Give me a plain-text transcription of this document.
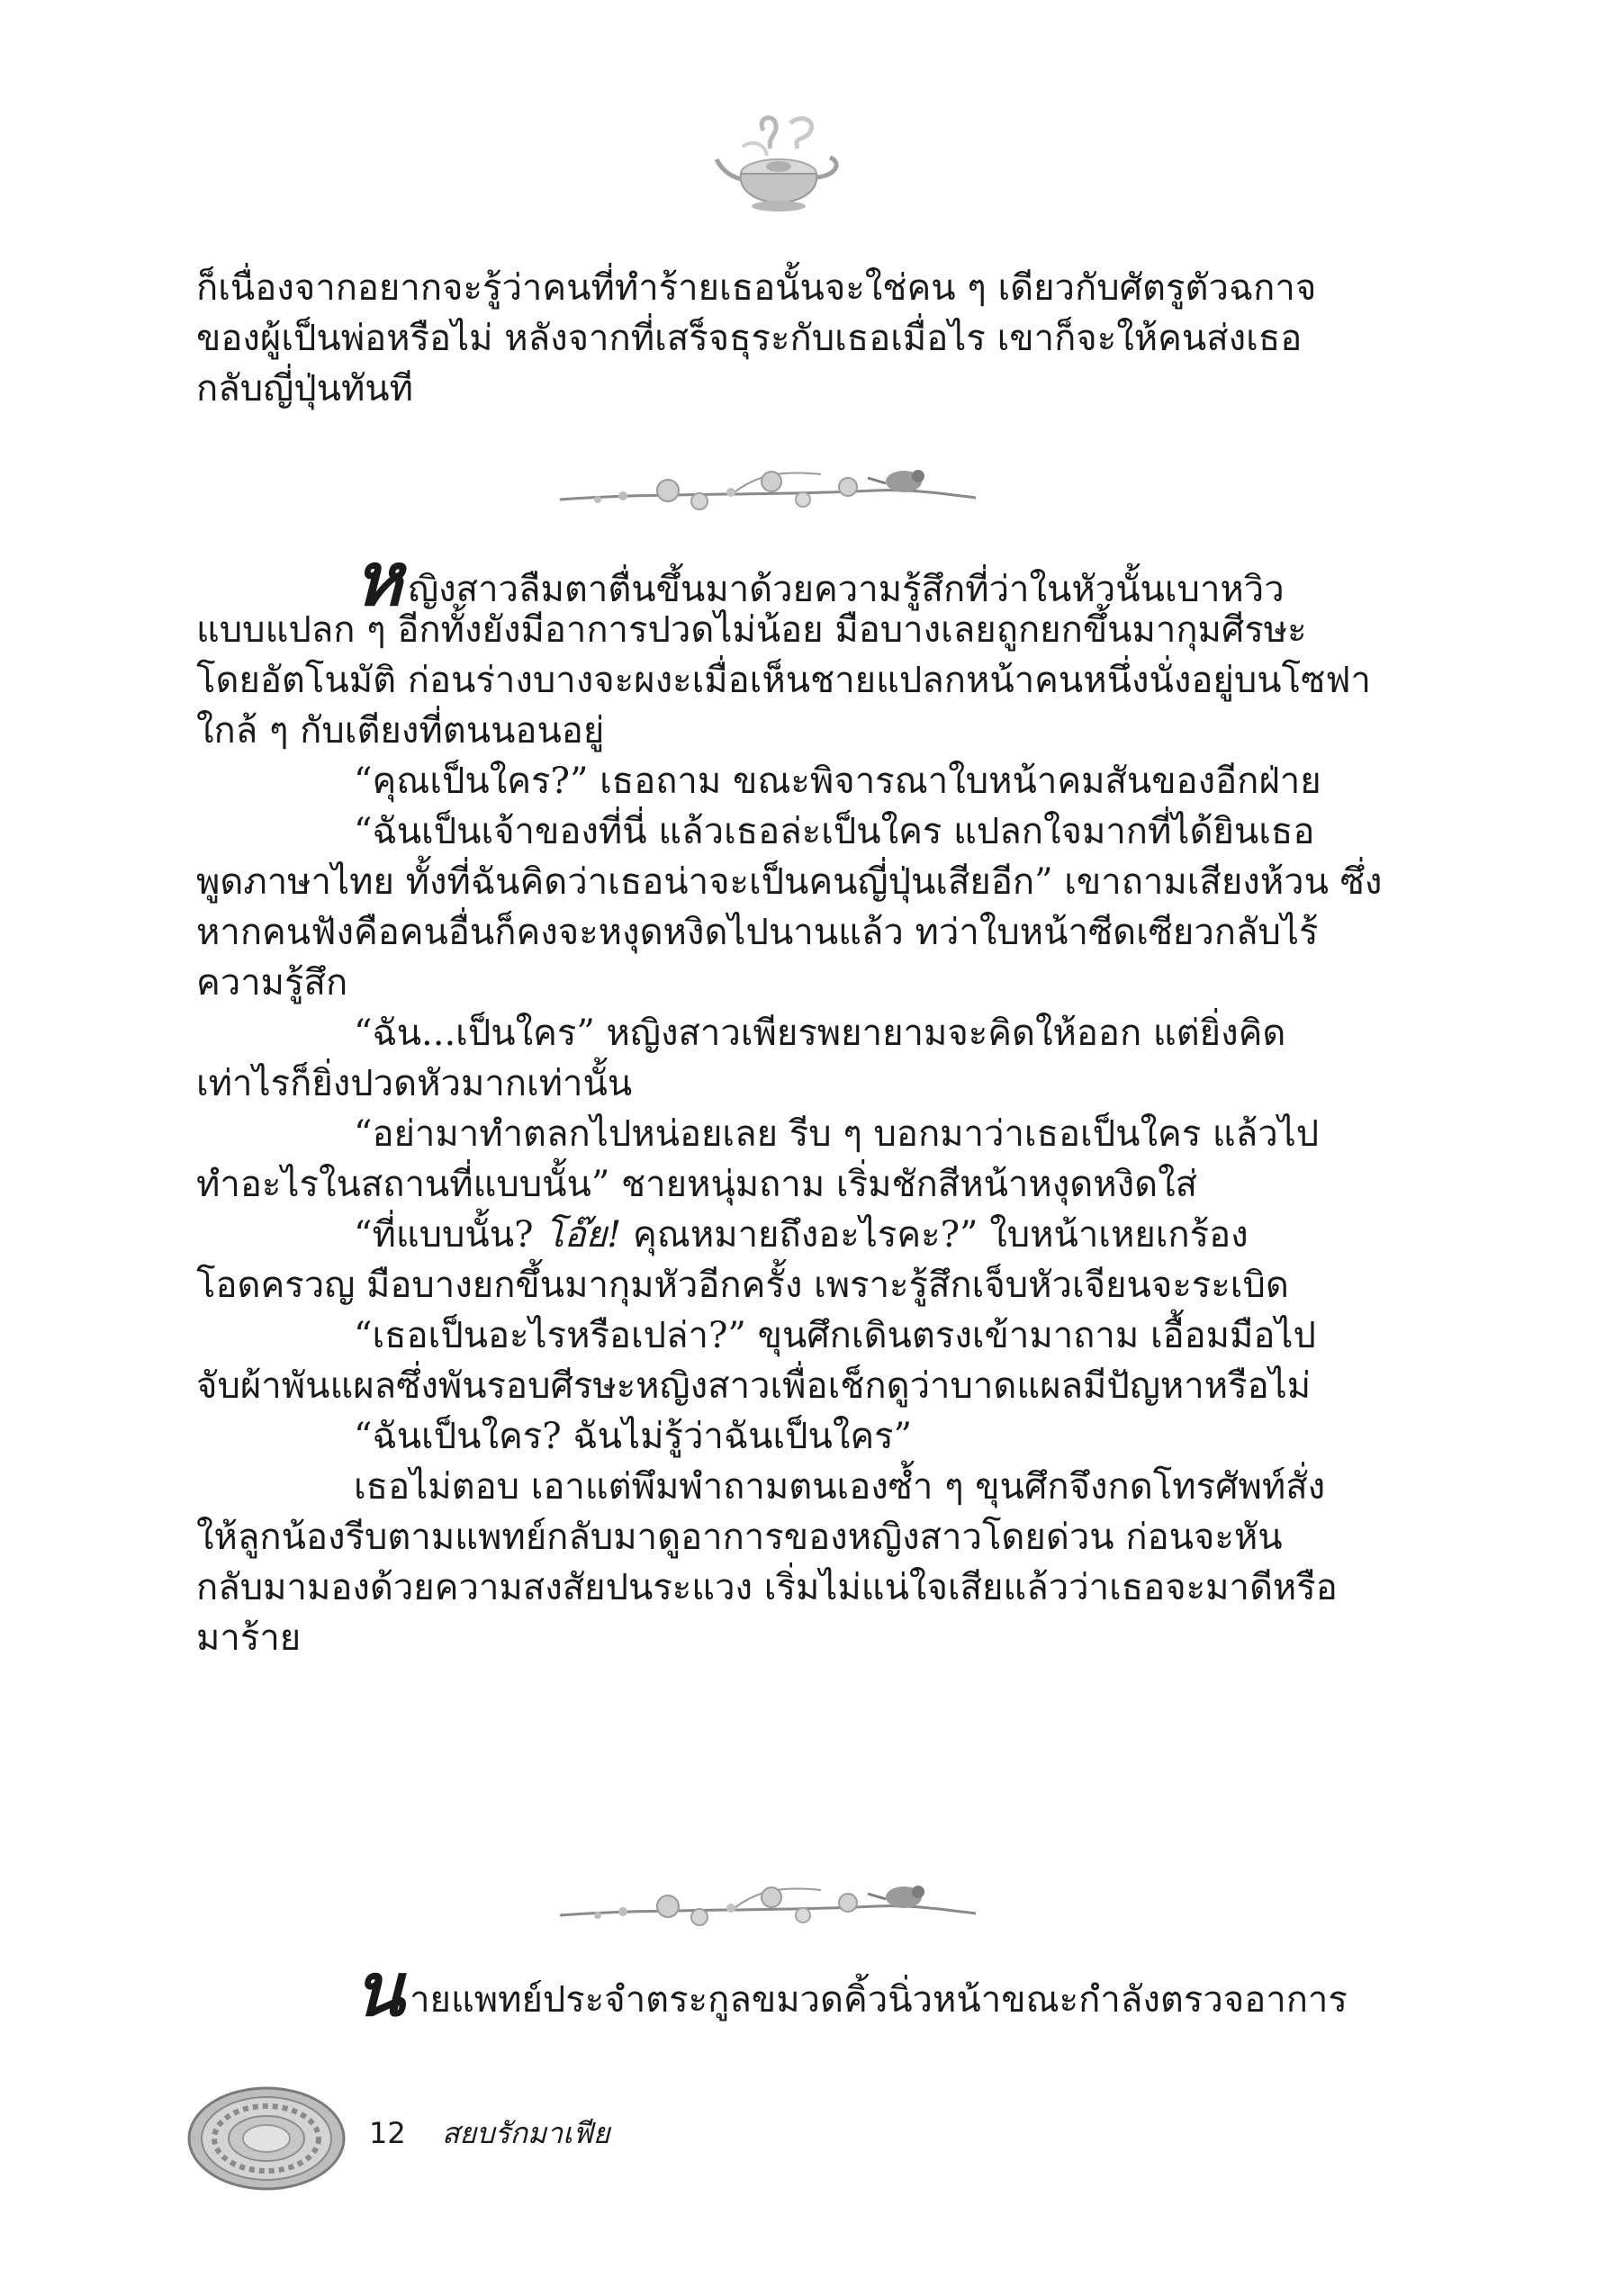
ก็เนื่องจากอยากจะรู้ว่าคนที่ทำร้ายเธอนั้นจะใช่คน ๆ เดียวกับศัตรูตัวฉกาจ
ของผู้เป็นพ่อหรือไม่ หลังจากที่เสร็จธุระกับเธอเมื่อไร เขาก็จะให้คนส่งเธอ
กลับญี่ปุ่นทันที
หญิงสาวลืมตาตื่นขึ้นมาด้วยความรู้สึกที่ว่าในหัวนั้นเบาหวิว
แบบแปลก ๆ อีกทั้งยังมีอาการปวดไม่น้อย มือบางเลยถูกยกขึ้นมากุมศีรษะ
โดยอัตโนมัติ ก่อนร่างบางจะผงะเมื่อเห็นชายแปลกหน้าคนหนึ่งนั่งอยู่บนโซฟา
ใกล้ ๆ กับเตียงที่ตนนอนอยู่
“คุณเป็นใคร?” เธอถาม ขณะพิจารณาใบหน้าคมสันของอีกฝ่าย
“ฉันเป็นเจ้าของที่นี่ แล้วเธอล่ะเป็นใคร แปลกใจมากที่ได้ยินเธอ
พูดภาษาไทย ทั้งที่ฉันคิดว่าเธอน่าจะเป็นคนญี่ปุ่นเสียอีก” เขาถามเสียงห้วน ซึ่ง
หากคนฟังคือคนอื่นก็คงจะหงุดหงิดไปนานแล้ว ทว่าใบหน้าซีดเซียวกลับไร้
ความรู้สึก
“ฉัน...เป็นใคร” หญิงสาวเพียรพยายามจะคิดให้ออก แต่ยิ่งคิด
เท่าไรก็ยิ่งปวดหัวมากเท่านั้น
“อย่ามาทำตลกไปหน่อยเลย รีบ ๆ บอกมาว่าเธอเป็นใคร แล้วไป
ทำอะไรในสถานที่แบบนั้น” ชายหนุ่มถาม เริ่มชักสีหน้าหงุดหงิดใส่
“ที่แบบนั้น? โอ๊ย! คุณหมายถึงอะไรคะ?” ใบหน้าเหยเกร้อง
โอดครวญ มือบางยกขึ้นมากุมหัวอีกครั้ง เพราะรู้สึกเจ็บหัวเจียนจะระเบิด
“เธอเป็นอะไรหรือเปล่า?” ขุนศึกเดินตรงเข้ามาถาม เอื้อมมือไป
จับผ้าพันแผลซึ่งพันรอบศีรษะหญิงสาวเพื่อเช็กดูว่าบาดแผลมีปัญหาหรือไม่
“ฉันเป็นใคร? ฉันไม่รู้ว่าฉันเป็นใคร”
เธอไม่ตอบ เอาแต่พึมพำถามตนเองซ้ำ ๆ ขุนศึกจึงกดโทรศัพท์สั่ง
ให้ลูกน้องรีบตามแพทย์กลับมาดูอาการของหญิงสาวโดยด่วน ก่อนจะหัน
กลับมามองด้วยความสงสัยปนระแวง เริ่มไม่แน่ใจเสียแล้วว่าเธอจะมาดีหรือ
มาร้าย
นายแพทย์ประจำตระกูลขมวดคิ้วนิ่วหน้าขณะกำลังตรวจอาการ
12 สยบรักมาเฟีย
